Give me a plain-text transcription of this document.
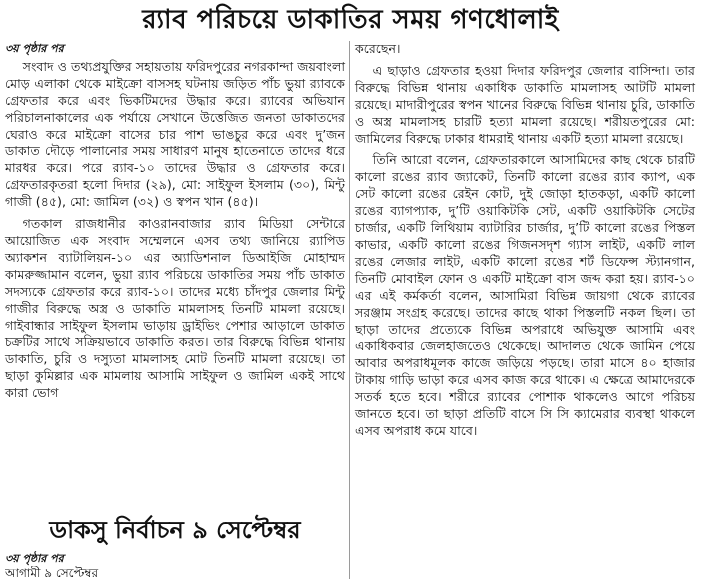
র‍্যাব পরিচয়ে ডাকাতির সময় গণধোলাই
৩য় পৃষ্ঠার পর

সংবাদ ও তথ্যপ্রযুক্তির সহায়তায় ফরিদপুরের নগরকান্দা জয়বাংলা মোড় এলাকা থেকে মাইক্রো বাসসহ ঘটনায় জড়িত পাঁচ ভুয়া র‍্যাবকে গ্রেফতার করে এবং ভিকটিমদের উদ্ধার করে। র‍্যাবের অভিযান পরিচালনাকালের এক পর্যায়ে সেখানে উত্তেজিত জনতা ডাকাতদের ঘেরাও করে মাইক্রো বাসের চার পাশ ভাঙচুর করে এবং দু’জন ডাকাত দৌড়ে পালানোর সময় সাধারণ মানুষ হাতেনাতে তাদের ধরে মারধর করে। পরে র‍্যাব-১০ তাদের উদ্ধার ও গ্রেফতার করে। গ্রেফতারকৃতরা হলো দিদার (২৯), মো: সাইফুল ইসলাম (৩০), মিন্টু গাজী (৪৫), মো: জামিল (৩২) ও স্বপন খান (৪৫)।

গতকাল রাজধানীর কাওরানবাজার র‍্যাব মিডিয়া সেন্টারে আয়োজিত এক সংবাদ সম্মেলনে এসব তথ্য জানিয়ে র‍্যাপিড অ্যাকশন ব্যাটালিয়ন-১০ এর অ্যাডিশনাল ডিআইজি মোহাম্মদ কামরুজ্জামান বলেন, ভুয়া র‍্যাব পরিচয়ে ডাকাতির সময় পাঁচ ডাকাত সদস্যকে গ্রেফতার করে র‍্যাব-১০। তাদের মধ্যে চাঁদপুর জেলার মিন্টু গাজীর বিরুদ্ধে অস্ত্র ও ডাকাতি মামলাসহ তিনটি মামলা রয়েছে। গাইবান্ধার সাইফুল ইসলাম ভাড়ায় ড্রাইভিং পেশার আড়ালে ডাকাত চক্রটির সাথে সক্রিয়ভাবে ডাকাতি করত। তার বিরুদ্ধে বিভিন্ন থানায় ডাকাতি, চুরি ও দস্যুতা মামলাসহ মোট তিনটি মামলা রয়েছে। তা ছাড়া কুমিল্লার এক মামলায় আসামি সাইফুল ও জামিল একই সাথে কারা ভোগ

করেছেন।

এ ছাড়াও গ্রেফতার হওয়া দিদার ফরিদপুর জেলার বাসিন্দা। তার বিরুদ্ধে বিভিন্ন থানায় একাধিক ডাকাতি মামলাসহ আটটি মামলা রয়েছে। মাদারীপুরের স্বপন খানের বিরুদ্ধে বিভিন্ন থানায় চুরি, ডাকাতি ও অস্ত্র মামলাসহ চারটি হত্যা মামলা রয়েছে। শরীয়তপুরের মো: জামিলের বিরুদ্ধে ঢাকার ধামরাই থানায় একটি হত্যা মামলা রয়েছে।

তিনি আরো বলেন, গ্রেফতারকালে আসামিদের কাছ থেকে চারটি কালো রঙের র‍্যাব জ্যাকেট, তিনটি কালো রঙের র‍্যাব ক্যাপ, এক সেট কালো রঙের রেইন কোট, দুই জোড়া হাতকড়া, একটি কালো রঙের ব্যাগপ্যাক, দু’টি ওয়াকিটকি সেট, একটি ওয়াকিটকি সেটের চার্জার, একটি লিথিয়াম ব্যাটারির চার্জার, দু’টি কালো রঙের পিস্তল কাভার, একটি কালো রঙের গিজনসদৃশ গ্যাস লাইট, একটি লাল রঙের লেজার লাইট, একটি কালো রঙের শর্ট ডিফেন্স স্ট্যানগান, তিনটি মোবাইল ফোন ও একটি মাইক্রো বাস জব্দ করা হয়। র‍্যাব-১০ এর এই কর্মকর্তা বলেন, আসামিরা বিভিন্ন জায়গা থেকে র‍্যাবের সরঞ্জাম সংগ্রহ করেছে। তাদের কাছে থাকা পিস্তলটি নকল ছিল। তা ছাড়া তাদের প্রত্যেকে বিভিন্ন অপরাধে অভিযুক্ত আসামি এবং একাধিকবার জেলহাজতেও থেকেছে। আদালত থেকে জামিন পেয়ে আবার অপরাধমূলক কাজে জড়িয়ে পড়ছে। তারা মাসে ৪০ হাজার টাকায় গাড়ি ভাড়া করে এসব কাজ করে থাকে। এ ক্ষেত্রে আমাদেরকে সতর্ক হতে হবে। শরীরে র‍্যাবের পোশাক থাকলেও আগে পরিচয় জানতে হবে। তা ছাড়া প্রতিটি বাসে সি সি ক্যামেরার ব্যবস্থা থাকলে এসব অপরাধ কমে যাবে।

ডাকসু নির্বাচন ৯ সেপ্টেম্বর
৩য় পৃষ্ঠার পর
আগামী ৯ সেপ্টেম্বর
